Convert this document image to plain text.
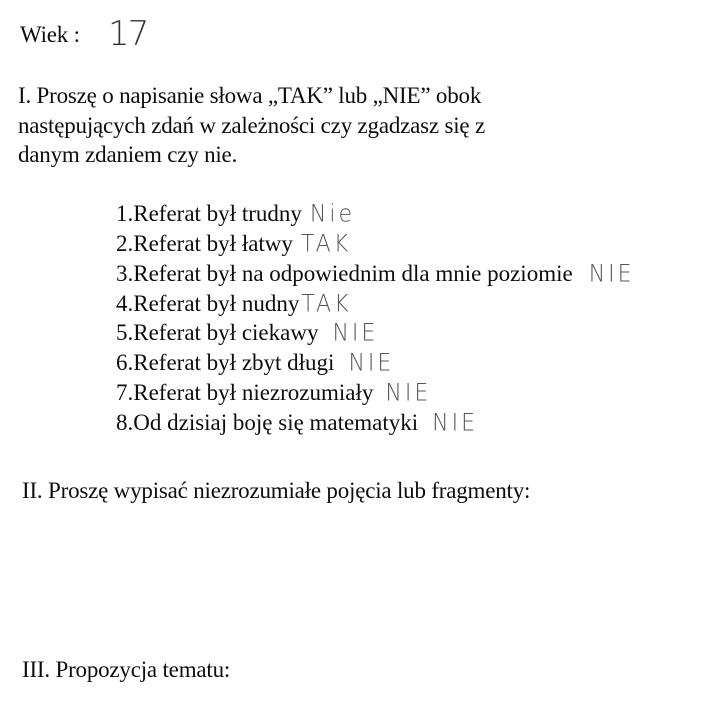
Wiek : 17
I. Proszę o napisanie słowa „TAK” lub „NIE” obok
następujących zdań w zależności czy zgadzasz się z
danym zdaniem czy nie.
1.Referat był trudny Nie
2.Referat był łatwy TAK
3.Referat był na odpowiednim dla mnie poziomie NIE
4.Referat był nudnyTAK
5.Referat był ciekawy NIE
6.Referat był zbyt długi NIE
7.Referat był niezrozumiały NIE
8.Od dzisiaj boję się matematyki NIE
II. Proszę wypisać niezrozumiałe pojęcia lub fragmenty:
III. Propozycja tematu:
